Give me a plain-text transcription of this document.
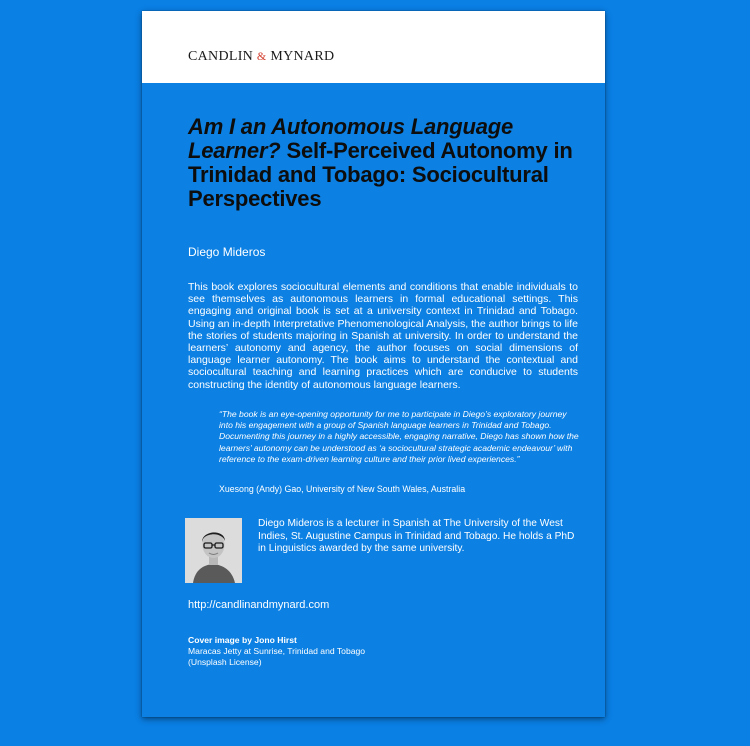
CANDLIN & MYNARD
Am I an Autonomous Language Learner? Self-Perceived Autonomy in Trinidad and Tobago: Sociocultural Perspectives
Diego Mideros
This book explores sociocultural elements and conditions that enable individuals to see themselves as autonomous learners in formal educational settings. This engaging and original book is set at a university context in Trinidad and Tobago. Using an in-depth Interpretative Phenomenological Analysis, the author brings to life the stories of students majoring in Spanish at university. In order to understand the learners’ autonomy and agency, the author focuses on social dimensions of language learner autonomy. The book aims to understand the contextual and sociocultural teaching and learning practices which are conducive to students constructing the identity of autonomous language learners.
“The book is an eye-opening opportunity for me to participate in Diego’s exploratory journey into his engagement with a group of Spanish language learners in Trinidad and Tobago. Documenting this journey in a highly accessible, engaging narrative, Diego has shown how the learners’ autonomy can be understood as ‘a sociocultural strategic academic endeavour’ with reference to the exam-driven learning culture and their prior lived experiences.”
Xuesong (Andy) Gao, University of New South Wales, Australia
Diego Mideros is a lecturer in Spanish at The University of the West Indies, St. Augustine Campus in Trinidad and Tobago. He holds a PhD in Linguistics awarded by the same university.
http://candlinandmynard.com
Cover image by Jono Hirst
Maracas Jetty at Sunrise, Trinidad and Tobago
(Unsplash License)
